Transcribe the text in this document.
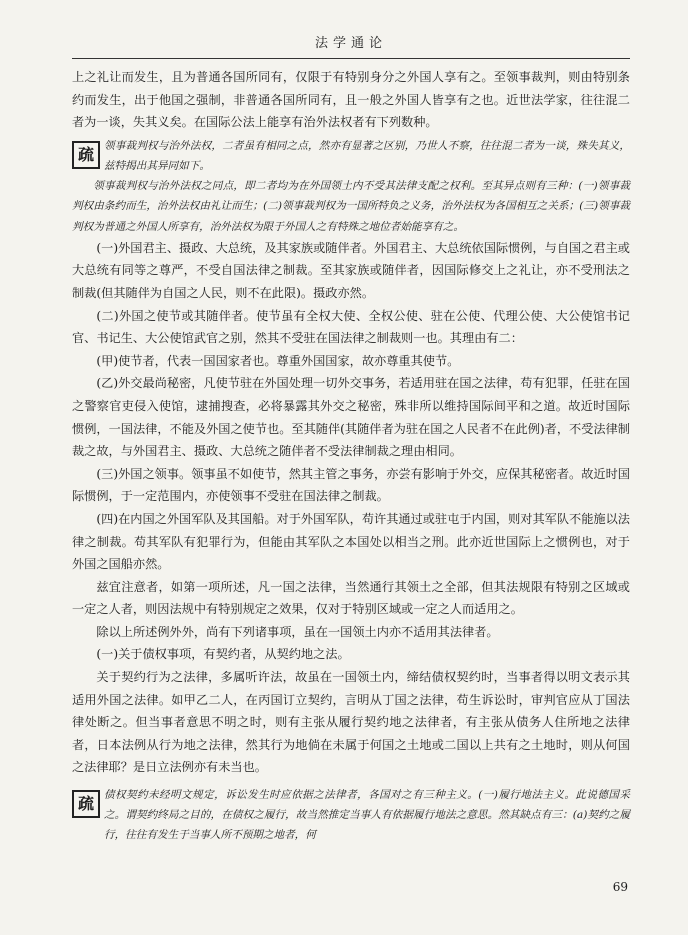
法学通论

上之礼让而发生，且为普通各国所同有，仅限于有特别身分之外国人享有之。至领事裁判，则由特别条约而发生，出于他国之强制，非普通各国所同有，且一般之外国人皆享有之也。近世法学家，往往混二者为一谈，失其义矣。在国际公法上能享有治外法权者有下列数种。

疏 领事裁判权与治外法权，二者虽有相同之点，然亦有显著之区别，乃世人不察，往往混二者为一谈，殊失其义，兹特揭出其异同如下。

领事裁判权与治外法权之同点，即二者均为在外国领土内不受其法律支配之权利。至其异点则有三种：(一)领事裁判权由条约而生，治外法权由礼让而生；(二)领事裁判权为一国所特负之义务，治外法权为各国相互之关系；(三)领事裁判权为普通之外国人所享有，治外法权为限于外国人之有特殊之地位者始能享有之。

(一)外国君主、摄政、大总统，及其家族或随伴者。外国君主、大总统依国际惯例，与自国之君主或大总统有同等之尊严，不受自国法律之制裁。至其家族或随伴者，因国际修交上之礼让，亦不受刑法之制裁(但其随伴为自国之人民，则不在此限)。摄政亦然。

(二)外国之使节或其随伴者。使节虽有全权大使、全权公使、驻在公使、代理公使、大公使馆书记官、书记生、大公使馆武官之别，然其不受驻在国法律之制裁则一也。其理由有二：

(甲)使节者，代表一国国家者也。尊重外国国家，故亦尊重其使节。

(乙)外交最尚秘密，凡使节驻在外国处理一切外交事务，若适用驻在国之法律，苟有犯罪，任驻在国之警察官吏侵入使馆，逮捕搜查，必将暴露其外交之秘密，殊非所以维持国际间平和之道。故近时国际惯例，一国法律，不能及外国之使节也。至其随伴(其随伴者为驻在国之人民者不在此例)者，不受法律制裁之故，与外国君主、摄政、大总统之随伴者不受法律制裁之理由相同。

(三)外国之领事。领事虽不如使节，然其主管之事务，亦尝有影响于外交，应保其秘密者。故近时国际惯例，于一定范围内，亦使领事不受驻在国法律之制裁。

(四)在内国之外国军队及其国船。对于外国军队，苟许其通过或驻屯于内国，则对其军队不能施以法律之制裁。苟其军队有犯罪行为，但能由其军队之本国处以相当之刑。此亦近世国际上之惯例也，对于外国之国船亦然。

兹宜注意者，如第一项所述，凡一国之法律，当然通行其领土之全部，但其法规限有特别之区域或一定之人者，则因法规中有特别规定之效果，仅对于特别区域或一定之人而适用之。

除以上所述例外外，尚有下列诸事项，虽在一国领土内亦不适用其法律者。

(一)关于债权事项，有契约者，从契约地之法。

关于契约行为之法律，多属听许法，故虽在一国领土内，缔结债权契约时，当事者得以明文表示其适用外国之法律。如甲乙二人，在丙国订立契约，言明从丁国之法律，苟生诉讼时，审判官应从丁国法律处断之。但当事者意思不明之时，则有主张从履行契约地之法律者，有主张从债务人住所地之法律者，日本法例从行为地之法律，然其行为地倘在未属于何国之土地或二国以上共有之土地时，则从何国之法律耶？是日立法例亦有未当也。

疏 债权契约未经明文规定，诉讼发生时应依据之法律者，各国对之有三种主义。(一)履行地法主义。此说德国采之。谓契约终局之目的，在债权之履行，故当然推定当事人有依据履行地法之意思。然其缺点有三：(a)契约之履行，往往有发生于当事人所不预期之地者，何

69
